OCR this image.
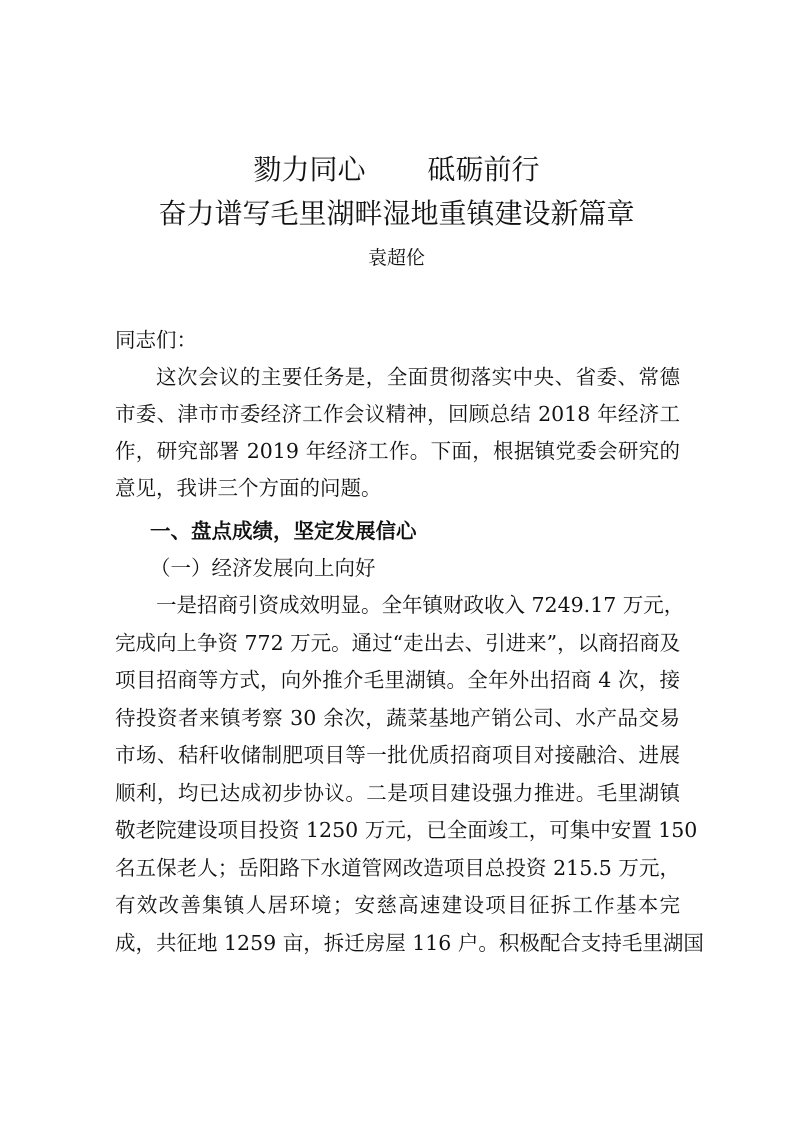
勠力同心 砥砺前行
奋力谱写毛里湖畔湿地重镇建设新篇章
袁超伦
同志们：
这次会议的主要任务是，全面贯彻落实中央、省委、常德
市委、津市市委经济工作会议精神，回顾总结 2018 年经济工
作，研究部署 2019 年经济工作。下面，根据镇党委会研究的
意见，我讲三个方面的问题。
一、盘点成绩，坚定发展信心
（一）经济发展向上向好
一是招商引资成效明显。全年镇财政收入 7249.17 万元，
完成向上争资 772 万元。通过“走出去、引进来”，以商招商及
项目招商等方式，向外推介毛里湖镇。全年外出招商 4 次，接
待投资者来镇考察 30 余次，蔬菜基地产销公司、水产品交易
市场、秸秆收储制肥项目等一批优质招商项目对接融洽、进展
顺利，均已达成初步协议。二是项目建设强力推进。毛里湖镇
敬老院建设项目投资 1250 万元，已全面竣工，可集中安置 150
名五保老人；岳阳路下水道管网改造项目总投资 215.5 万元，
有效改善集镇人居环境；安慈高速建设项目征拆工作基本完
成，共征地 1259 亩，拆迁房屋 116 户。积极配合支持毛里湖国
